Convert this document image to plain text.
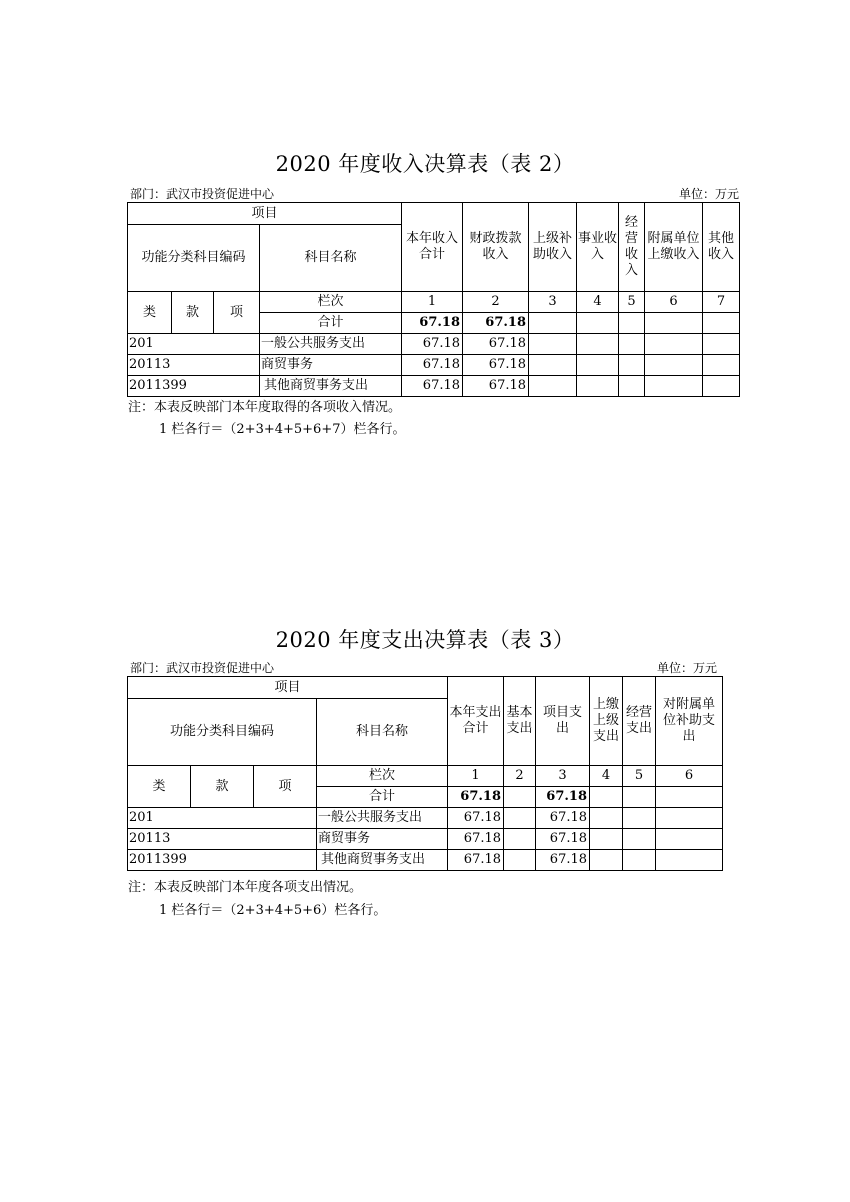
2020 年度收入决算表（表 2）
部门：武汉市投资促进中心	单位：万元
项目				本年收入合计	财政拨款收入	上级补助收入	事业收入	经营收入	附属单位上缴收入	其他收入
功能分类科目编码			科目名称							
类	款	项	栏次	1	2	3	4	5	6	7
			合计	67.18	67.18					
201			一般公共服务支出	67.18	67.18					
20113			商贸事务	67.18	67.18					
2011399			其他商贸事务支出	67.18	67.18					
注：本表反映部门本年度取得的各项收入情况。
1 栏各行＝（2+3+4+5+6+7）栏各行。
2020 年度支出决算表（表 3）
部门：武汉市投资促进中心	单位：万元
项目				本年支出合计	基本支出	项目支出	上缴上级支出	经营支出	对附属单位补助支出
功能分类科目编码			科目名称						
类	款	项	栏次	1	2	3	4	5	6
			合计	67.18		67.18			
201			一般公共服务支出	67.18		67.18			
20113			商贸事务	67.18		67.18			
2011399			其他商贸事务支出	67.18		67.18			
注：本表反映部门本年度各项支出情况。
1 栏各行＝（2+3+4+5+6）栏各行。
